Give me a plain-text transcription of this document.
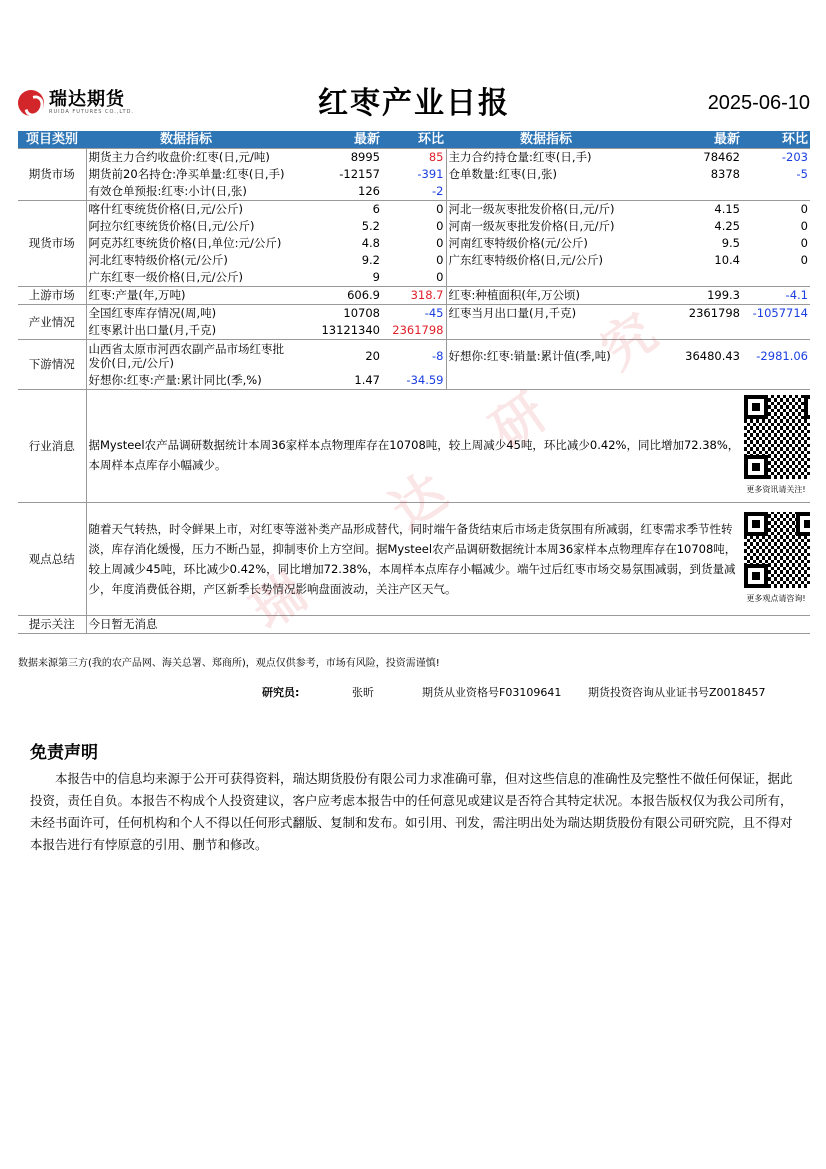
瑞达期货
RUIDA FUTURES CO.,LTD.	红枣产业日报	2025-06-10
项目类别	数据指标	最新	环比	数据指标	最新	环比
期货市场	期货主力合约收盘价:红枣(日,元/吨)	8995	85	主力合约持仓量:红枣(日,手)	78462	-203
	期货前20名持仓:净买单量:红枣(日,手)	-12157	-391	仓单数量:红枣(日,张)	8378	-5
	有效仓单预报:红枣:小计(日,张)	126	-2			
现货市场	喀什红枣统货价格(日,元/公斤)	6	0	河北一级灰枣批发价格(日,元/斤)	4.15	0
	阿拉尔红枣统货价格(日,元/公斤)	5.2	0	河南一级灰枣批发价格(日,元/斤)	4.25	0
	阿克苏红枣统货价格(日,单位:元/公斤)	4.8	0	河南红枣特级价格(元/公斤)	9.5	0
	河北红枣特级价格(元/公斤)	9.2	0	广东红枣特级价格(日,元/公斤)	10.4	0
	广东红枣一级价格(日,元/公斤)	9	0			
上游市场	红枣:产量(年,万吨)	606.9	318.7	红枣:种植面积(年,万公顷)	199.3	-4.1
产业情况	全国红枣库存情况(周,吨)	10708	-45	红枣当月出口量(月,千克)	2361798	-1057714
	红枣累计出口量(月,千克)	13121340	2361798			
下游情况	山西省太原市河西农副产品市场红枣批发价(日,元/公斤)	20	-8	好想你:红枣:销量:累计值(季,吨)	36480.43	-2981.06
	好想你:红枣:产量:累计同比(季,%)	1.47	-34.59			
行业消息	据Mysteel农产品调研数据统计本周36家样本点物理库存在10708吨，较上周减少45吨，环比减少0.42%，同比增加72.38%，本周样本点库存小幅减少。					更多资讯请关注!

观点总结	随着天气转热，时令鲜果上市，对红枣等滋补类产品形成替代，同时端午备货结束后市场走货氛围有所减弱，红枣需求季节性转淡，库存消化缓慢，压力不断凸显，抑制枣价上方空间。据Mysteel农产品调研数据统计本周36家样本点物理库存在10708吨，较上周减少45吨，环比减少0.42%，同比增加72.38%，本周样本点库存小幅减少。端午过后红枣市场交易氛围减弱，到货量减少，年度消费低谷期，产区新季长势情况影响盘面波动，关注产区天气。					更多观点请咨询!

提示关注	今日暂无消息					
数据来源第三方(我的农产品网、海关总署、郑商所)，观点仅供参考，市场有风险，投资需谨慎!
研究员:	张昕	期货从业资格号F03109641 期货投资咨询从业证书号Z0018457
免责声明
本报告中的信息均来源于公开可获得资料，瑞达期货股份有限公司力求准确可靠，但对这些信息的准确性及完整性不做任何保证，据此投资，责任自负。本报告不构成个人投资建议，客户应考虑本报告中的任何意见或建议是否符合其特定状况。本报告版权仅为我公司所有，未经书面许可，任何机构和个人不得以任何形式翻版、复制和发布。如引用、刊发，需注明出处为瑞达期货股份有限公司研究院，且不得对本报告进行有悖原意的引用、删节和修改。
瑞
达
研
究
